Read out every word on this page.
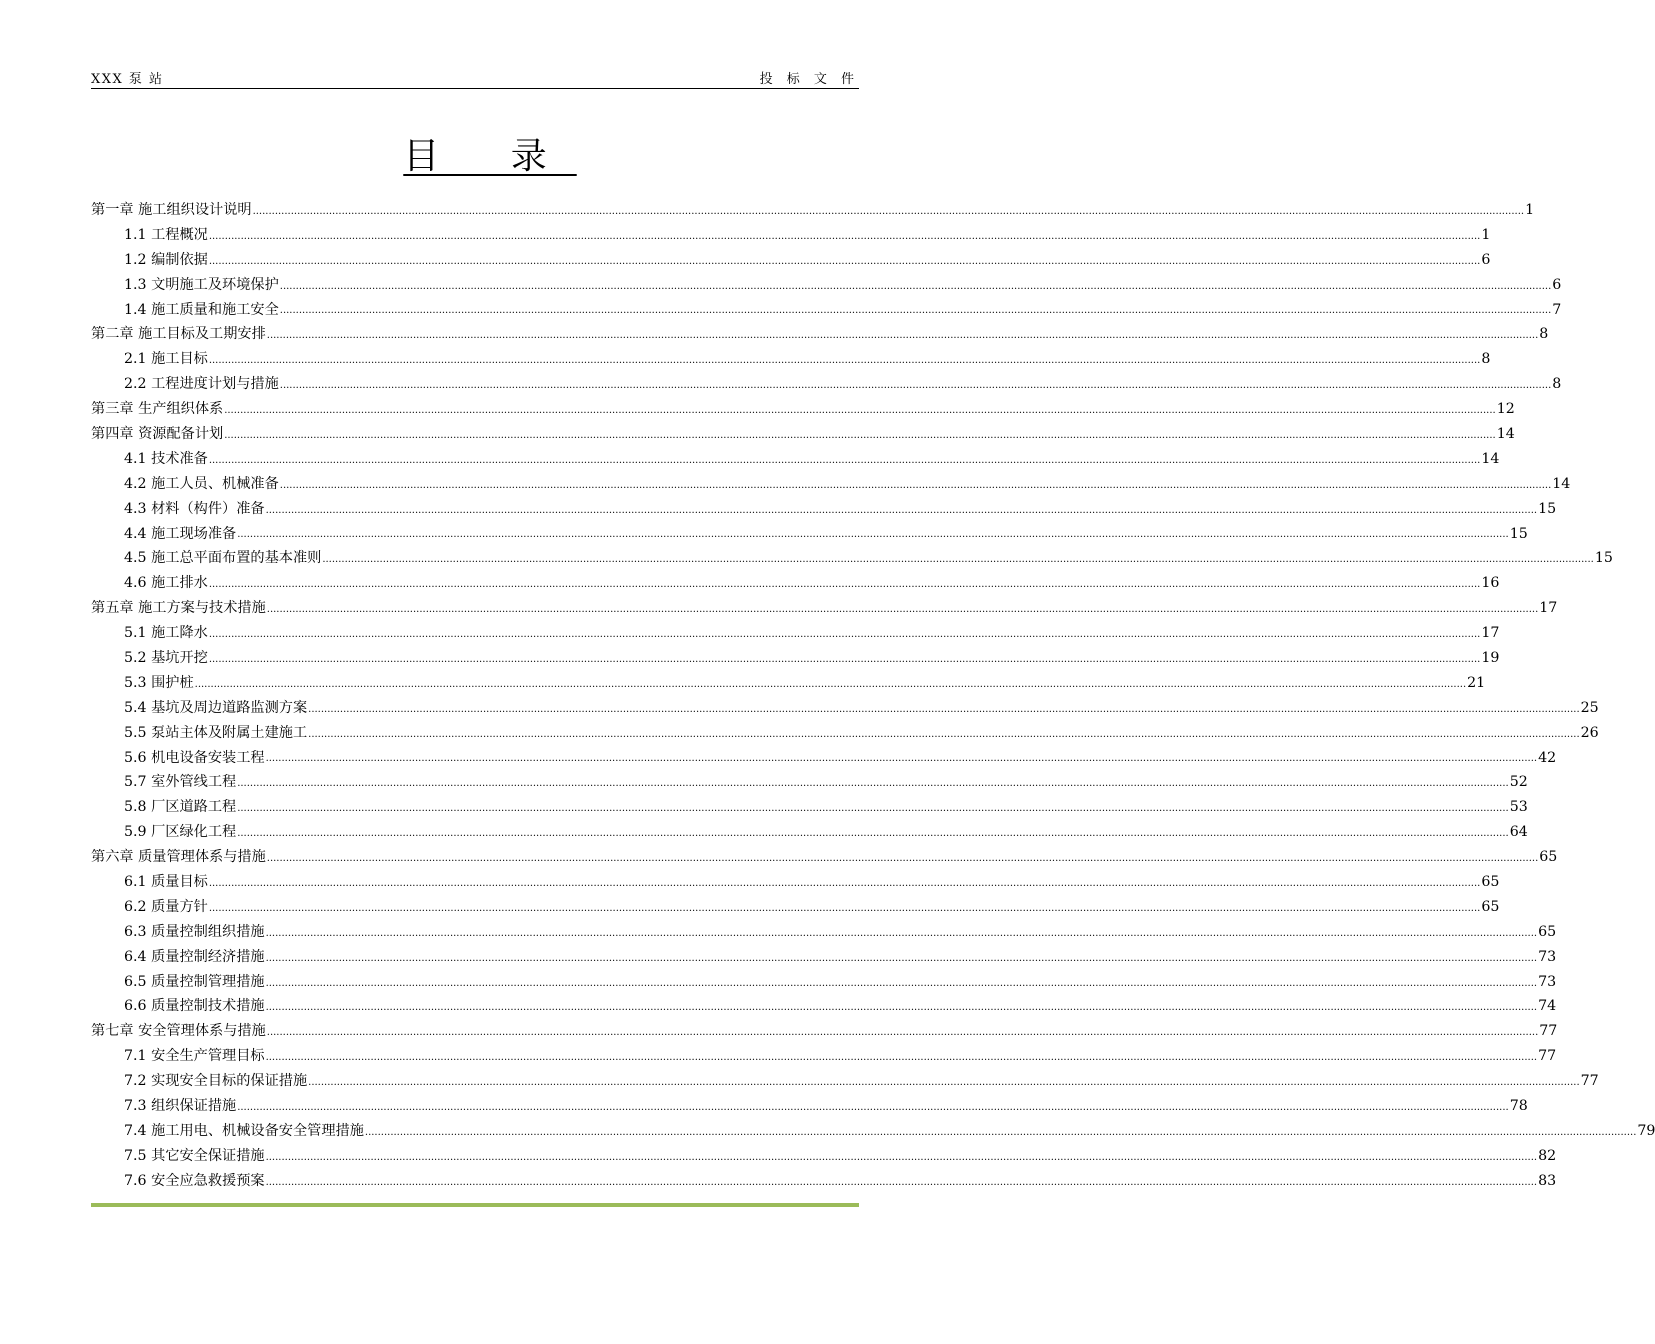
XXX 泵 站	投 标 文 件
目 录
第一章 施工组织设计说明 ................................................................................................................................................................................................................................................................................................................................................................................................................ 1
1.1 工程概况 ................................................................................................................................................................................................................................................................................................................................................................................................................ 1
1.2 编制依据 ................................................................................................................................................................................................................................................................................................................................................................................................................ 6
1.3 文明施工及环境保护 ................................................................................................................................................................................................................................................................................................................................................................................................................ 6
1.4 施工质量和施工安全 ................................................................................................................................................................................................................................................................................................................................................................................................................ 7
第二章 施工目标及工期安排 ................................................................................................................................................................................................................................................................................................................................................................................................................ 8
2.1 施工目标 ................................................................................................................................................................................................................................................................................................................................................................................................................ 8
2.2 工程进度计划与措施 ................................................................................................................................................................................................................................................................................................................................................................................................................ 8
第三章 生产组织体系 ................................................................................................................................................................................................................................................................................................................................................................................................................ 12
第四章 资源配备计划 ................................................................................................................................................................................................................................................................................................................................................................................................................ 14
4.1 技术准备 ................................................................................................................................................................................................................................................................................................................................................................................................................ 14
4.2 施工人员、机械准备 ................................................................................................................................................................................................................................................................................................................................................................................................................ 14
4.3 材料（构件）准备 ................................................................................................................................................................................................................................................................................................................................................................................................................ 15
4.4 施工现场准备 ................................................................................................................................................................................................................................................................................................................................................................................................................ 15
4.5 施工总平面布置的基本准则 ................................................................................................................................................................................................................................................................................................................................................................................................................ 15
4.6 施工排水 ................................................................................................................................................................................................................................................................................................................................................................................................................ 16
第五章 施工方案与技术措施 ................................................................................................................................................................................................................................................................................................................................................................................................................ 17
5.1 施工降水 ................................................................................................................................................................................................................................................................................................................................................................................................................ 17
5.2 基坑开挖 ................................................................................................................................................................................................................................................................................................................................................................................................................ 19
5.3 围护桩 ................................................................................................................................................................................................................................................................................................................................................................................................................ 21
5.4 基坑及周边道路监测方案 ................................................................................................................................................................................................................................................................................................................................................................................................................ 25
5.5 泵站主体及附属土建施工 ................................................................................................................................................................................................................................................................................................................................................................................................................ 26
5.6 机电设备安装工程 ................................................................................................................................................................................................................................................................................................................................................................................................................ 42
5.7 室外管线工程 ................................................................................................................................................................................................................................................................................................................................................................................................................ 52
5.8 厂区道路工程 ................................................................................................................................................................................................................................................................................................................................................................................................................ 53
5.9 厂区绿化工程 ................................................................................................................................................................................................................................................................................................................................................................................................................ 64
第六章 质量管理体系与措施 ................................................................................................................................................................................................................................................................................................................................................................................................................ 65
6.1 质量目标 ................................................................................................................................................................................................................................................................................................................................................................................................................ 65
6.2 质量方针 ................................................................................................................................................................................................................................................................................................................................................................................................................ 65
6.3 质量控制组织措施 ................................................................................................................................................................................................................................................................................................................................................................................................................ 65
6.4 质量控制经济措施 ................................................................................................................................................................................................................................................................................................................................................................................................................ 73
6.5 质量控制管理措施 ................................................................................................................................................................................................................................................................................................................................................................................................................ 73
6.6 质量控制技术措施 ................................................................................................................................................................................................................................................................................................................................................................................................................ 74
第七章 安全管理体系与措施 ................................................................................................................................................................................................................................................................................................................................................................................................................ 77
7.1 安全生产管理目标 ................................................................................................................................................................................................................................................................................................................................................................................................................ 77
7.2 实现安全目标的保证措施 ................................................................................................................................................................................................................................................................................................................................................................................................................ 77
7.3 组织保证措施 ................................................................................................................................................................................................................................................................................................................................................................................................................ 78
7.4 施工用电、机械设备安全管理措施 ................................................................................................................................................................................................................................................................................................................................................................................................................ 79
7.5 其它安全保证措施 ................................................................................................................................................................................................................................................................................................................................................................................................................ 82
7.6 安全应急救援预案 ................................................................................................................................................................................................................................................................................................................................................................................................................ 83
